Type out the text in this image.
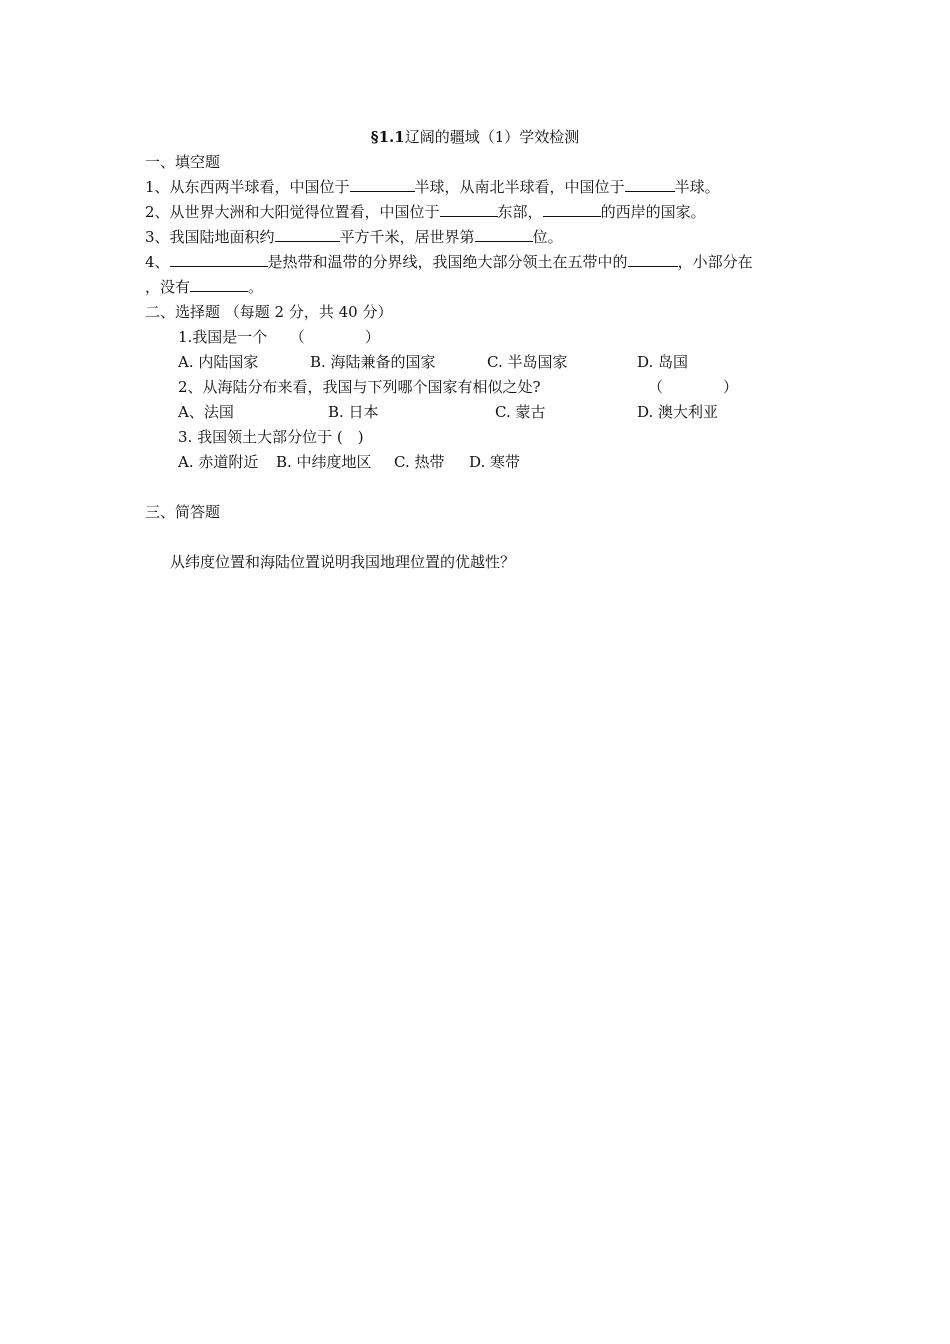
§1.1辽阔的疆域（1）学效检测
一、填空题
1、从东西两半球看，中国位于	半球，从南北半球看，中国位于	半球。
2、从世界大洲和大阳觉得位置看，中国位于	东部，	的西岸的国家。
3、我国陆地面积约	平方千米，居世界第	位。
4、	是热带和温带的分界线，我国绝大部分领土在五带中的	，小部分在
，没有	。
二、选择题 （每题 2 分，共 40 分）
1.我国是一个　　（　　　　）
A. 内陆国家	B. 海陆兼备的国家	C. 半岛国家	D. 岛国
2、从海陆分布来看，我国与下列哪个国家有相似之处?	（　　　　）
A、法国	B. 日本	C. 蒙古	D. 澳大利亚
3. 我国领土大部分位于 (　)
A. 赤道附近 B. 中纬度地区 C. 热带 D. 寒带
三、简答题
从纬度位置和海陆位置说明我国地理位置的优越性？
